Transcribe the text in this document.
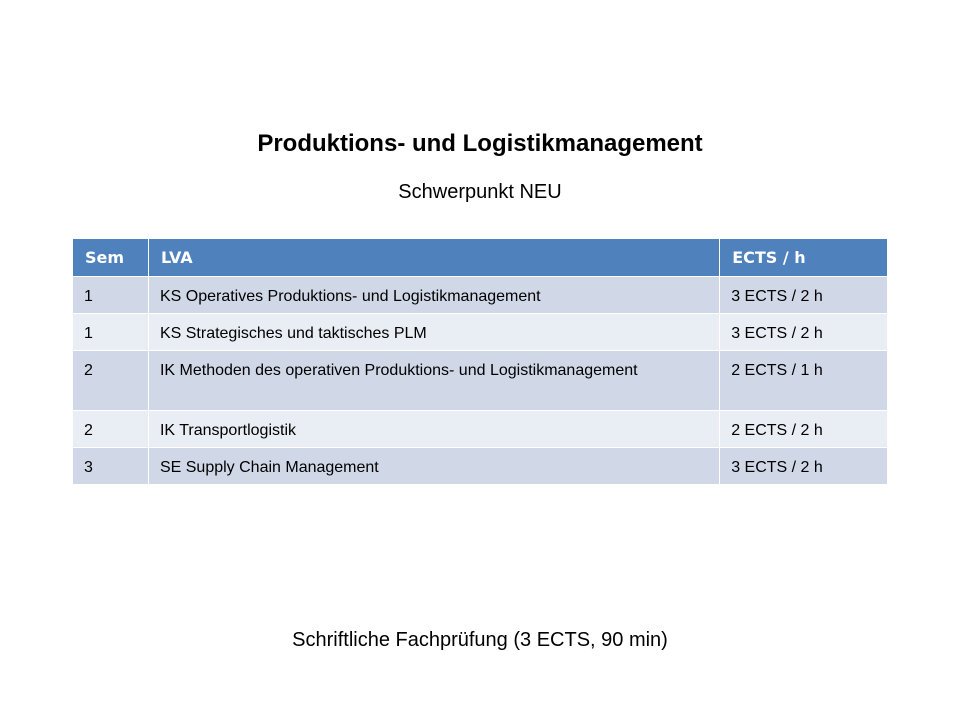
Produktions- und Logistikmanagement
Schwerpunkt NEU
Sem	LVA	ECTS / h
1	KS Operatives Produktions- und Logistikmanagement	3 ECTS / 2 h
1	KS Strategisches und taktisches PLM	3 ECTS / 2 h
2	IK Methoden des operativen Produktions- und Logistikmanagement	2 ECTS / 1 h
2	IK Transportlogistik	2 ECTS / 2 h
3	SE Supply Chain Management	3 ECTS / 2 h
Schriftliche Fachprüfung (3 ECTS, 90 min)
